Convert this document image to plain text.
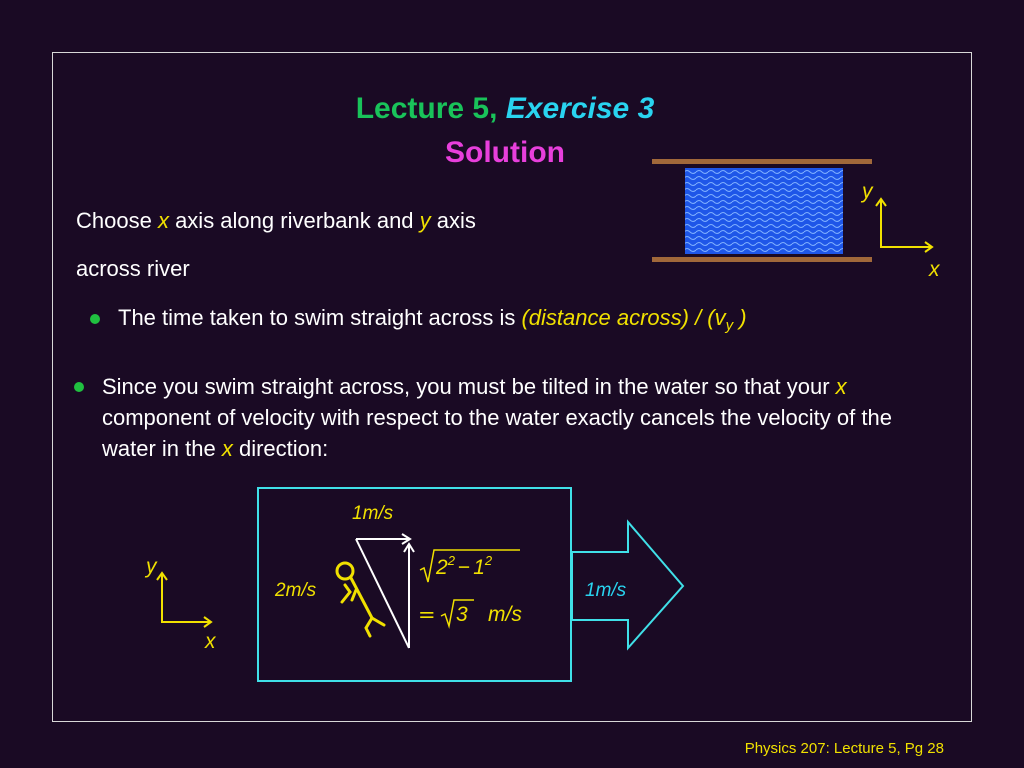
Lecture 5, Exercise 3
Solution
Choose x axis along riverbank and y axis
across river
The time taken to swim straight across is (distance across) / ($v_y$ )
Since you swim straight across, you must be tilted in the water so that your x component of velocity with respect to the water exactly cancels the velocity of the water in the x direction:
y
x
y
x
1m/s
2m/s	1m/s
$2^2 - 1^2$
= 3 m/s
Physics 207: Lecture 5, Pg 28
